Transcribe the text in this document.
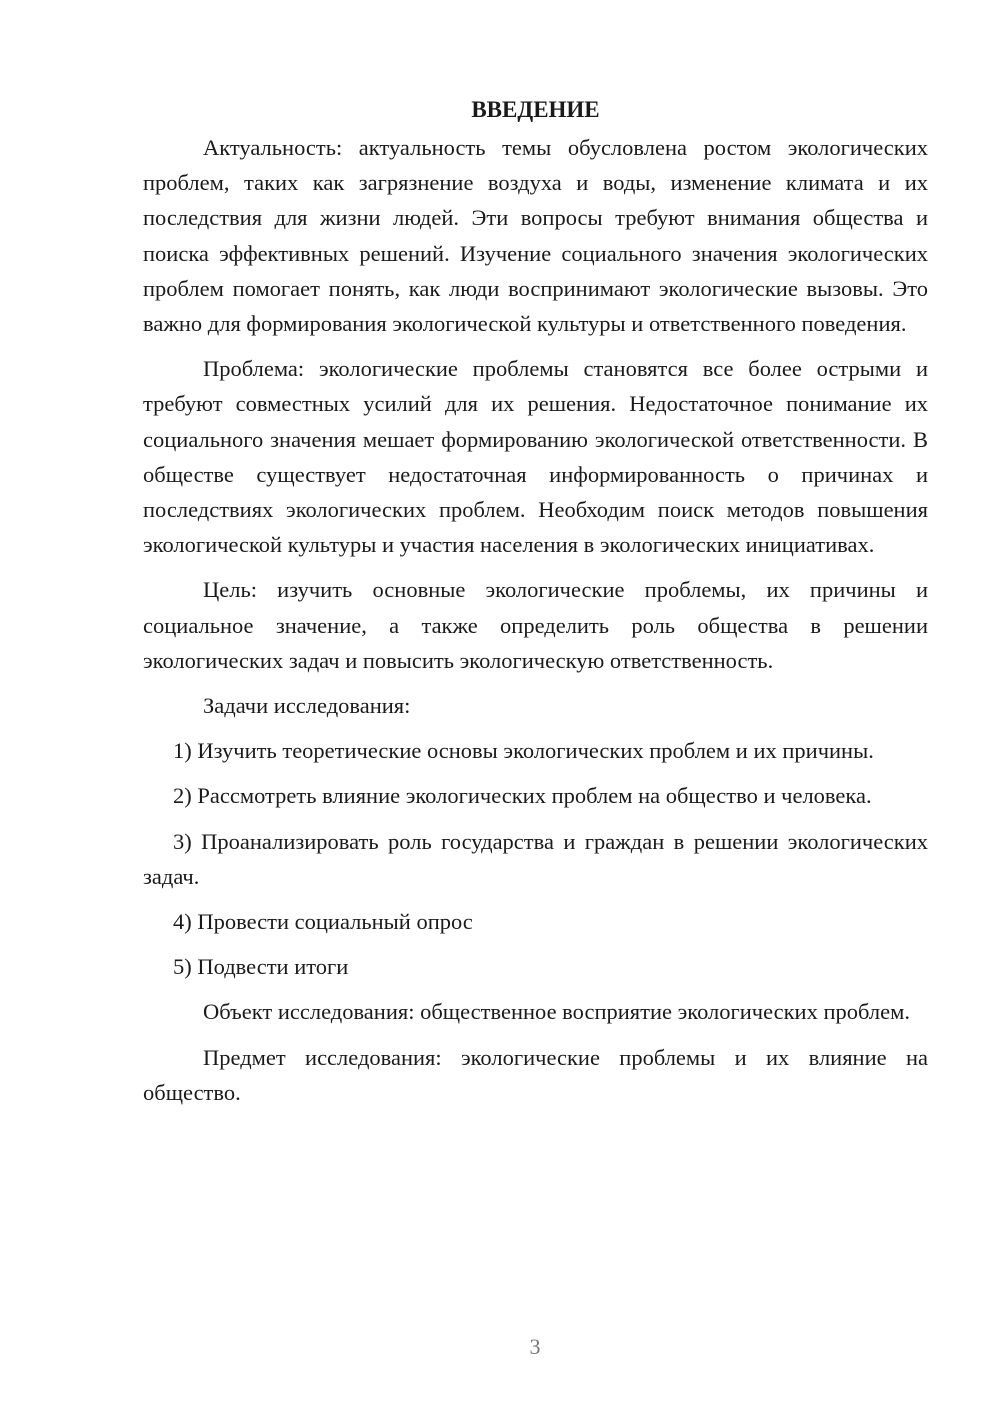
ВВЕДЕНИЕ

Актуальность: актуальность темы обусловлена ростом экологических проблем, таких как загрязнение воздуха и воды, изменение климата и их последствия для жизни людей. Эти вопросы требуют внимания общества и поиска эффективных решений. Изучение социального значения экологических проблем помогает понять, как люди воспринимают экологические вызовы. Это важно для формирования экологической культуры и ответственного поведения.

Проблема: экологические проблемы становятся все более острыми и требуют совместных усилий для их решения. Недостаточное понимание их социального значения мешает формированию экологической ответственности. В обществе существует недостаточная информированность о причинах и последствиях экологических проблем. Необходим поиск методов повышения экологической культуры и участия населения в экологических инициативах.

Цель: изучить основные экологические проблемы, их причины и социальное значение, а также определить роль общества в решении экологических задач и повысить экологическую ответственность.

Задачи исследования:

1) Изучить теоретические основы экологических проблем и их причины.

2) Рассмотреть влияние экологических проблем на общество и человека.

3) Проанализировать роль государства и граждан в решении экологических задач.

4) Провести социальный опрос

5) Подвести итоги

Объект исследования: общественное восприятие экологических проблем.

Предмет исследования: экологические проблемы и их влияние на общество.

3
